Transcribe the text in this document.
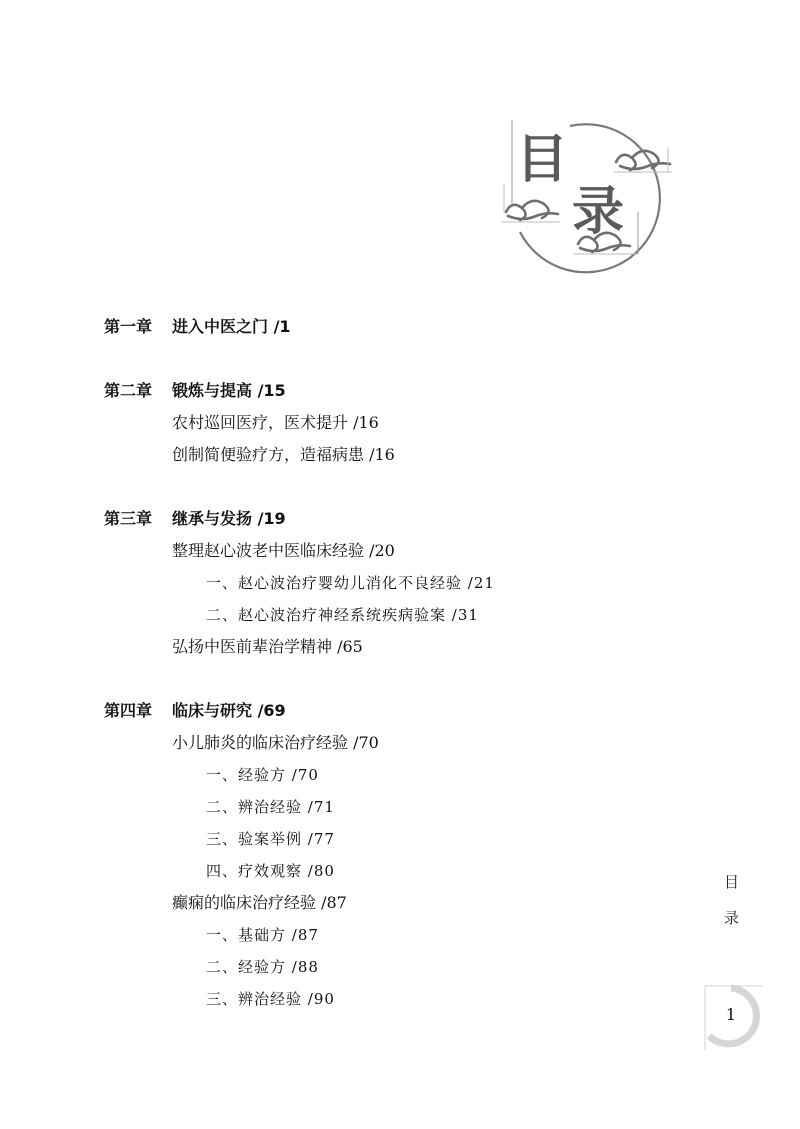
目
录
第一章 进入中医之门 /1
第二章 锻炼与提高 /15
农村巡回医疗，医术提升 /16
创制简便验疗方，造福病患 /16
第三章 继承与发扬 /19
整理赵心波老中医临床经验 /20
一、赵心波治疗婴幼儿消化不良经验 /21
二、赵心波治疗神经系统疾病验案 /31
弘扬中医前辈治学精神 /65
第四章 临床与研究 /69
小儿肺炎的临床治疗经验 /70
一、经验方 /70
二、辨治经验 /71
三、验案举例 /77
四、疗效观察 /80
癫痫的临床治疗经验 /87
一、基础方 /87
二、经验方 /88
三、辨治经验 /90
目
录
1
